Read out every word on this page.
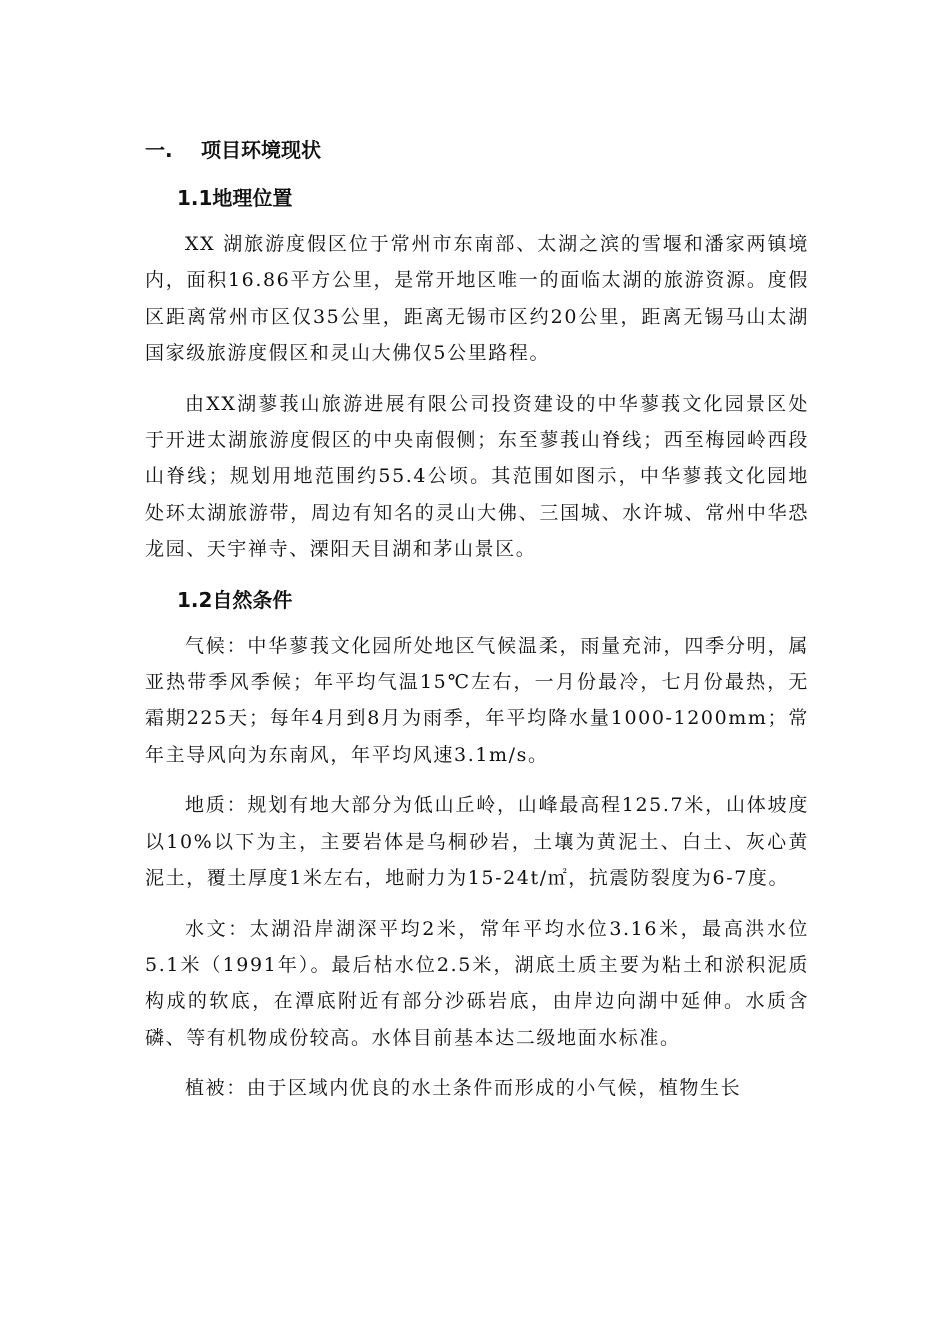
一. 项目环境现状
1.1地理位置

XX 湖旅游度假区位于常州市东南部、太湖之滨的雪堰和潘家两镇境内，面积16.86平方公里，是常开地区唯一的面临太湖的旅游资源。度假区距离常州市区仅35公里，距离无锡市区约20公里，距离无锡马山太湖国家级旅游度假区和灵山大佛仅5公里路程。

由XX湖蓼莪山旅游进展有限公司投资建设的中华蓼莪文化园景区处于开进太湖旅游度假区的中央南假侧；东至蓼莪山脊线；西至梅园岭西段山脊线；规划用地范围约55.4公顷。其范围如图示，中华蓼莪文化园地处环太湖旅游带，周边有知名的灵山大佛、三国城、水许城、常州中华恐龙园、天宇禅寺、溧阳天目湖和茅山景区。

1.2自然条件

气候：中华蓼莪文化园所处地区气候温柔，雨量充沛，四季分明，属亚热带季风季候；年平均气温15℃左右，一月份最冷，七月份最热，无霜期225天；每年4月到8月为雨季，年平均降水量1000-1200mm；常年主导风向为东南风，年平均风速3.1m/s。

地质：规划有地大部分为低山丘岭，山峰最高程125.7米，山体坡度以10%以下为主，主要岩体是乌桐砂岩，土壤为黄泥土、白土、灰心黄泥土，覆土厚度1米左右，地耐力为15-24t/㎡，抗震防裂度为6-7度。

水文：太湖沿岸湖深平均2米，常年平均水位3.16米，最高洪水位5.1米（1991年）。最后枯水位2.5米，湖底土质主要为粘土和淤积泥质构成的软底，在潭底附近有部分沙砾岩底，由岸边向湖中延伸。水质含磷、等有机物成份较高。水体目前基本达二级地面水标准。

植被：由于区域内优良的水土条件而形成的小气候，植物生长
